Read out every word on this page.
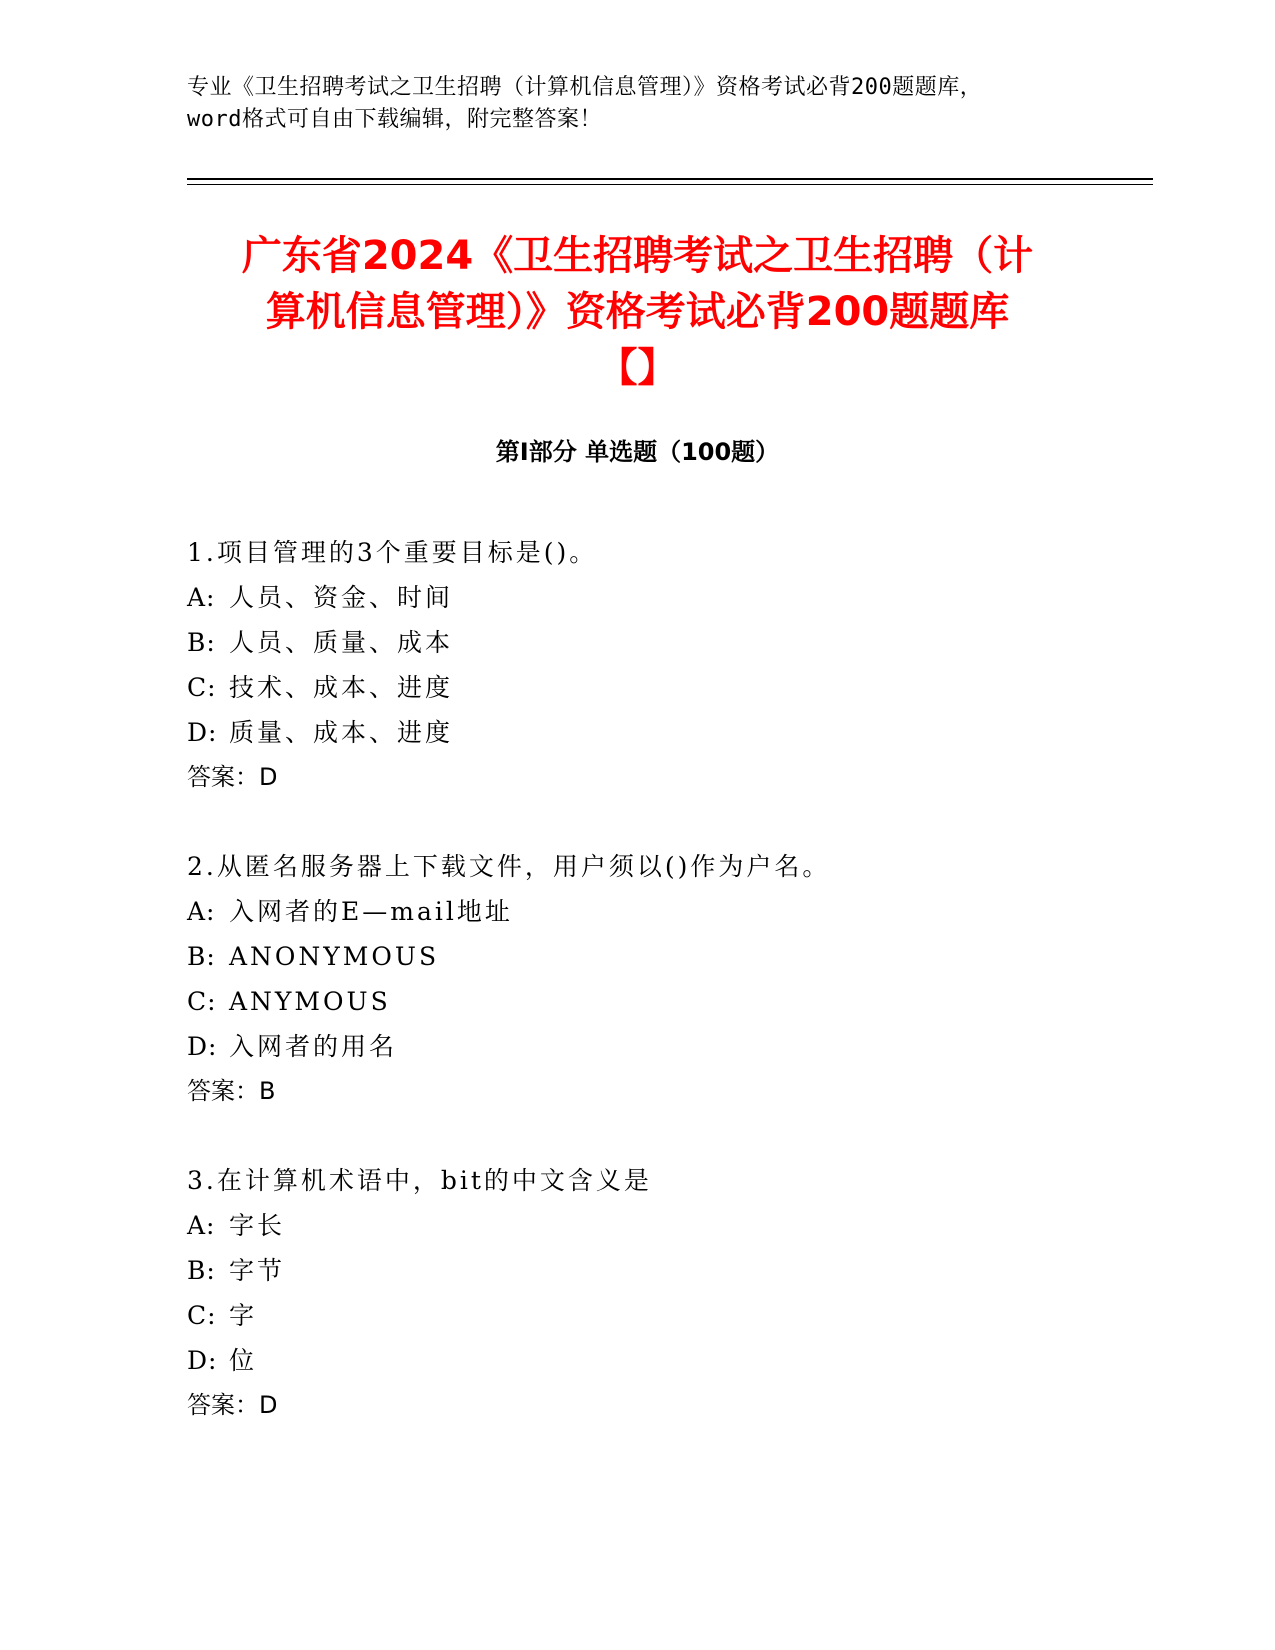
专业《卫生招聘考试之卫生招聘（计算机信息管理）》资格考试必背200题题库，
word格式可自由下载编辑，附完整答案！
广东省2024《卫生招聘考试之卫生招聘（计
算机信息管理）》资格考试必背200题题库
【】
第I部分 单选题（100题）
1.项目管理的3个重要目标是()。
A: 人员、资金、时间
B: 人员、质量、成本
C: 技术、成本、进度
D: 质量、成本、进度
答案：D
2.从匿名服务器上下载文件，用户须以()作为户名。
A: 入网者的E—mail地址
B: ANONYMOUS
C: ANYMOUS
D: 入网者的用名
答案：B
3.在计算机术语中，bit的中文含义是
A: 字长
B: 字节
C: 字
D: 位
答案：D
